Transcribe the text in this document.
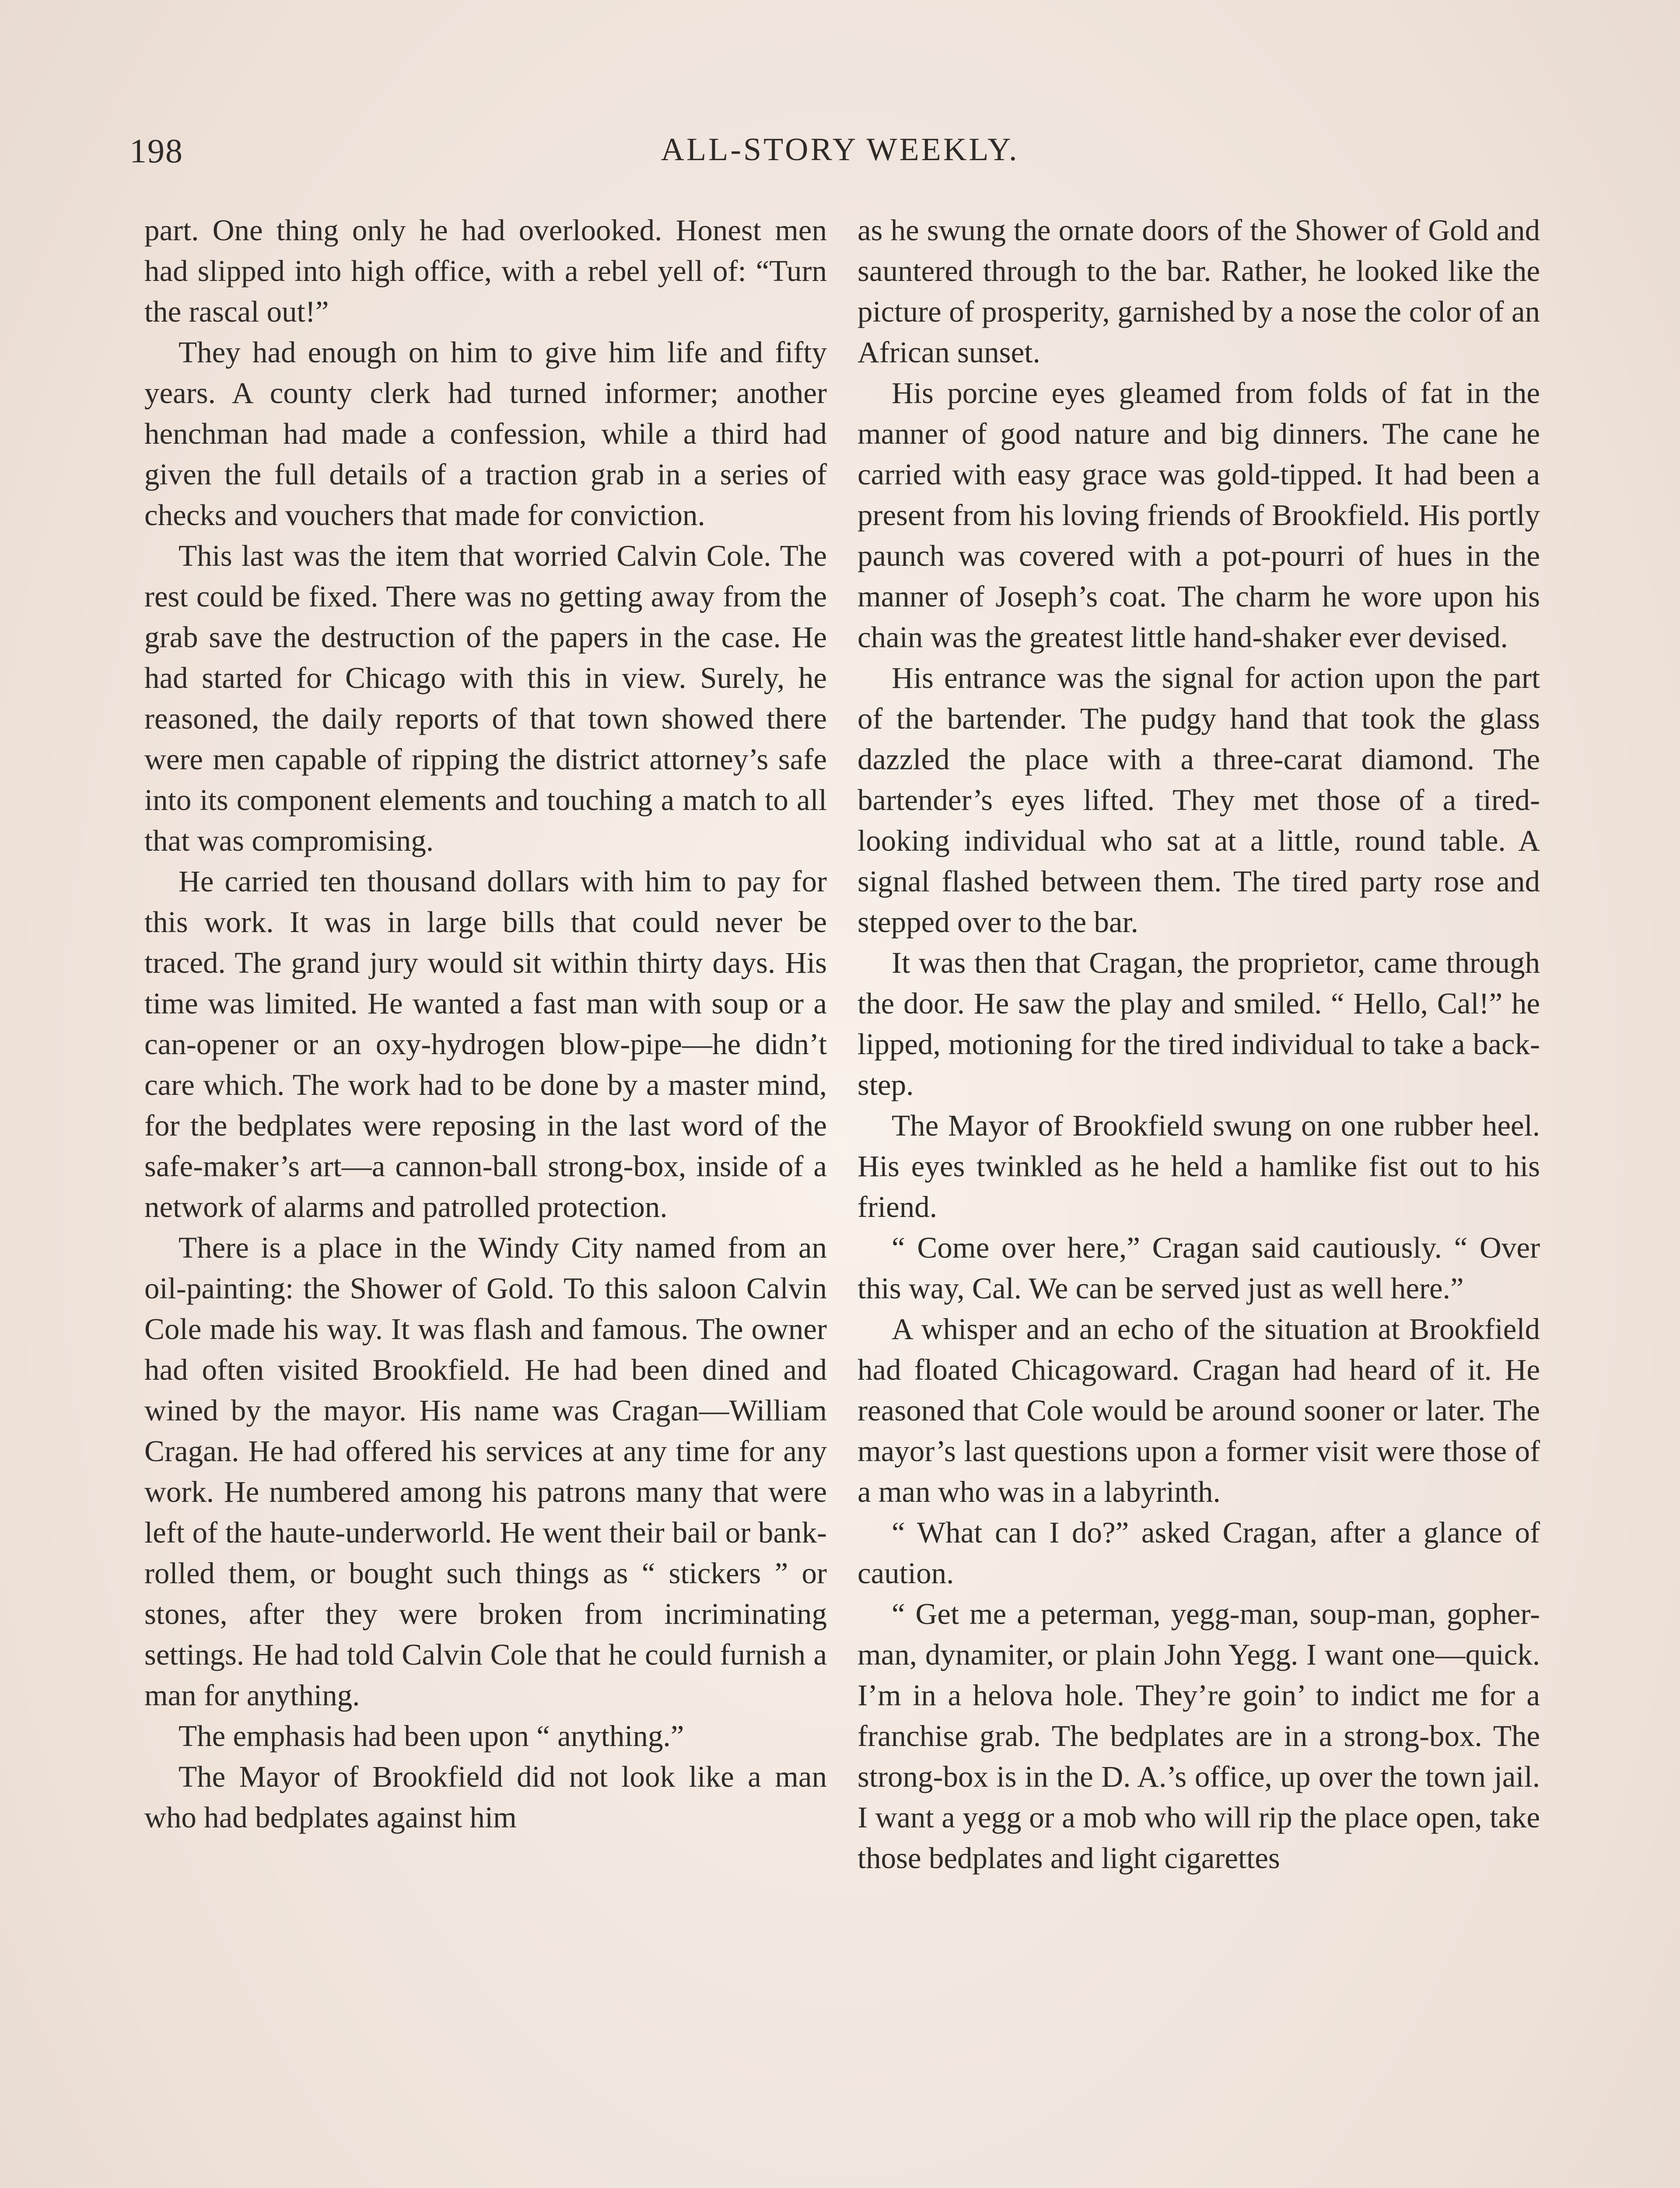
198	ALL-STORY WEEKLY.

part. One thing only he had overlooked. Honest men had slipped into high office, with a rebel yell of: “Turn the rascal out!”

They had enough on him to give him life and fifty years. A county clerk had turned informer; another henchman had made a confession, while a third had given the full details of a traction grab in a series of checks and vouchers that made for conviction.

This last was the item that worried Calvin Cole. The rest could be fixed. There was no getting away from the grab save the destruction of the papers in the case. He had started for Chicago with this in view. Surely, he reasoned, the daily reports of that town showed there were men capable of ripping the district attorney’s safe into its component elements and touching a match to all that was compromising.

He carried ten thousand dollars with him to pay for this work. It was in large bills that could never be traced. The grand jury would sit within thirty days. His time was limited. He wanted a fast man with soup or a can-opener or an oxy-hydrogen blow-pipe—he didn’t care which. The work had to be done by a master mind, for the bedplates were reposing in the last word of the safe-maker’s art—a cannon-ball strong-box, inside of a network of alarms and patrolled protection.

There is a place in the Windy City named from an oil-painting: the Shower of Gold. To this saloon Calvin Cole made his way. It was flash and famous. The owner had often visited Brookfield. He had been dined and wined by the mayor. His name was Cragan—William Cragan. He had offered his services at any time for any work. He numbered among his patrons many that were left of the haute-underworld. He went their bail or bank-rolled them, or bought such things as “ stickers ” or stones, after they were broken from incriminating settings. He had told Calvin Cole that he could furnish a man for anything.

The emphasis had been upon “ anything.”

The Mayor of Brookfield did not look like a man who had bedplates against him

as he swung the ornate doors of the Shower of Gold and sauntered through to the bar. Rather, he looked like the picture of prosperity, garnished by a nose the color of an African sunset.

His porcine eyes gleamed from folds of fat in the manner of good nature and big dinners. The cane he carried with easy grace was gold-tipped. It had been a present from his loving friends of Brookfield. His portly paunch was covered with a pot-pourri of hues in the manner of Joseph’s coat. The charm he wore upon his chain was the greatest little hand-shaker ever devised.

His entrance was the signal for action upon the part of the bartender. The pudgy hand that took the glass dazzled the place with a three-carat diamond. The bartender’s eyes lifted. They met those of a tired-looking individual who sat at a little, round table. A signal flashed between them. The tired party rose and stepped over to the bar.

It was then that Cragan, the proprietor, came through the door. He saw the play and smiled. “ Hello, Cal!” he lipped, motioning for the tired individual to take a back-step.

The Mayor of Brookfield swung on one rubber heel. His eyes twinkled as he held a hamlike fist out to his friend.

“ Come over here,” Cragan said cautiously. “ Over this way, Cal. We can be served just as well here.”

A whisper and an echo of the situation at Brookfield had floated Chicagoward. Cragan had heard of it. He reasoned that Cole would be around sooner or later. The mayor’s last questions upon a former visit were those of a man who was in a labyrinth.

“ What can I do?” asked Cragan, after a glance of caution.

“ Get me a peterman, yegg-man, soup-man, gopher-man, dynamiter, or plain John Yegg. I want one—quick. I’m in a helova hole. They’re goin’ to indict me for a franchise grab. The bedplates are in a strong-box. The strong-box is in the D. A.’s office, up over the town jail. I want a yegg or a mob who will rip the place open, take those bedplates and light cigarettes
